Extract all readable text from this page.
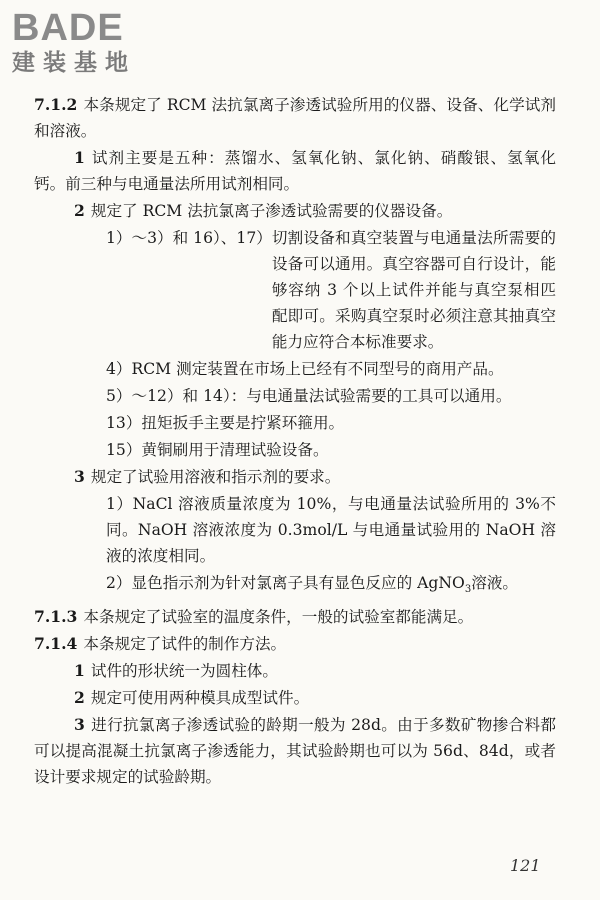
BADE
建装基地

7.1.2 本条规定了 RCM 法抗氯离子渗透试验所用的仪器、设备、化学试剂和溶液。

1 试剂主要是五种：蒸馏水、氢氧化钠、氯化钠、硝酸银、氢氧化钙。前三种与电通量法所用试剂相同。

2 规定了 RCM 法抗氯离子渗透试验需要的仪器设备。

1）～3）和 16）、17） 切割设备和真空装置与电通量法所需要的设备可以通用。真空容器可自行设计，能够容纳 3 个以上试件并能与真空泵相匹配即可。采购真空泵时必须注意其抽真空能力应符合本标准要求。

4）RCM 测定装置在市场上已经有不同型号的商用产品。

5）～12）和 14）： 与电通量法试验需要的工具可以通用。

13）扭矩扳手主要是拧紧环箍用。

15）黄铜刷用于清理试验设备。

3 规定了试验用溶液和指示剂的要求。

1）NaCl 溶液质量浓度为 10%，与电通量法试验所用的 3%不同。NaOH 溶液浓度为 0.3mol/L 与电通量试验用的 NaOH 溶液的浓度相同。

2）显色指示剂为针对氯离子具有显色反应的 AgNO$_3$溶液。

7.1.3 本条规定了试验室的温度条件，一般的试验室都能满足。

7.1.4 本条规定了试件的制作方法。

1 试件的形状统一为圆柱体。

2 规定可使用两种模具成型试件。

3 进行抗氯离子渗透试验的龄期一般为 28d。由于多数矿物掺合料都可以提高混凝土抗氯离子渗透能力，其试验龄期也可以为 56d、84d，或者设计要求规定的试验龄期。

121
